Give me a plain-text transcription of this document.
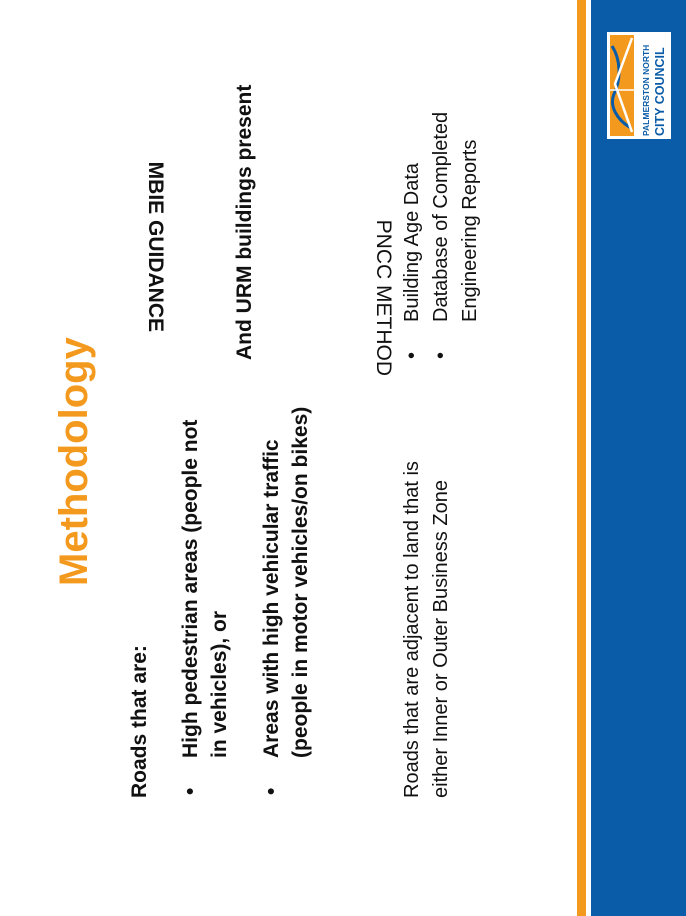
Methodology
Roads that are: •
High pedestrian areas (people not in vehicles), or
•
Areas with high vehicular traffic (people in motor vehicles/on bikes)
And URM buildings present
Roads that are adjacent to land that is either Inner or Outer Business Zone
•
Building Age Data
•
Database of Completed Engineering Reports
MBIE GUIDANCE	PNCC METHOD
PALMERSTON NORTH CITY COUNCIL
